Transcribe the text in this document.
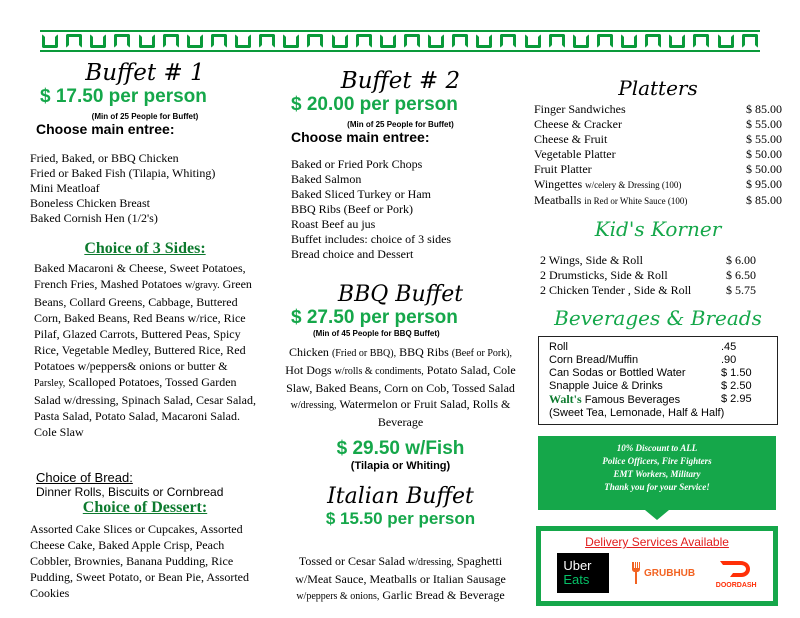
Buffet # 1
$ 17.50 per person
(Min of 25 People for Buffet)
Choose main entree:
Fried, Baked, or BBQ Chicken
Fried or Baked Fish (Tilapia, Whiting)
Mini Meatloaf
Boneless Chicken Breast
Baked Cornish Hen (1/2's)
Choice of 3 Sides:
Baked Macaroni & Cheese, Sweet Potatoes, French Fries, Mashed Potatoes w/gravy. Green Beans, Collard Greens, Cabbage, Buttered Corn, Baked Beans, Red Beans w/rice, Rice Pilaf, Glazed Carrots, Buttered Peas, Spicy Rice, Vegetable Medley, Buttered Rice, Red Potatoes w/peppers& onions or butter & Parsley, Scalloped Potatoes, Tossed Garden Salad w/dressing, Spinach Salad, Cesar Salad, Pasta Salad, Potato Salad, Macaroni Salad. Cole Slaw
Choice of Bread:
Dinner Rolls, Biscuits or Cornbread
Choice of Dessert:
Assorted Cake Slices or Cupcakes, Assorted Cheese Cake, Baked Apple Crisp, Peach Cobbler, Brownies, Banana Pudding, Rice Pudding, Sweet Potato, or Bean Pie, Assorted Cookies
Buffet # 2
$ 20.00 per person
(Min of 25 People for Buffet)
Choose main entree:
Baked or Fried Pork Chops
Baked Salmon
Baked Sliced Turkey or Ham
BBQ Ribs (Beef or Pork)
Roast Beef au jus
Buffet includes: choice of 3 sides
Bread choice and Dessert
BBQ Buffet
$ 27.50 per person
(Min of 45 People for BBQ Buffet)
Chicken (Fried or BBQ), BBQ Ribs (Beef or Pork), Hot Dogs w/rolls & condiments, Potato Salad, Cole Slaw, Baked Beans, Corn on Cob, Tossed Salad w/dressing, Watermelon or Fruit Salad, Rolls & Beverage
$ 29.50 w/Fish
(Tilapia or Whiting)
Italian Buffet
$ 15.50 per person
Tossed or Cesar Salad w/dressing, Spaghetti w/Meat Sauce, Meatballs or Italian Sausage w/peppers & onions, Garlic Bread & Beverage
Platters
Finger Sandwiches	$ 85.00
Cheese & Cracker	$ 55.00
Cheese & Fruit	$ 55.00
Vegetable Platter	$ 50.00
Fruit Platter	$ 50.00
Wingettes w/celery & Dressing (100)	$ 95.00
Meatballs in Red or White Sauce (100)	$ 85.00
Kid's Korner
2 Wings, Side & Roll	$ 6.00
2 Drumsticks, Side & Roll	$ 6.50
2 Chicken Tender , Side & Roll	$ 5.75
Beverages & Breads
Roll	.45
Corn Bread/Muffin	.90
Can Sodas or Bottled Water	$ 1.50
Snapple Juice & Drinks	$ 2.50
Walt's Famous Beverages	$ 2.95
(Sweet Tea, Lemonade, Half & Half)
10% Discount to ALL
Police Officers, Fire Fighters
EMT Workers, Military
Thank you for your Service!
Delivery Services Available
Uber
Eats	GRUBHUB
DOORDASH
